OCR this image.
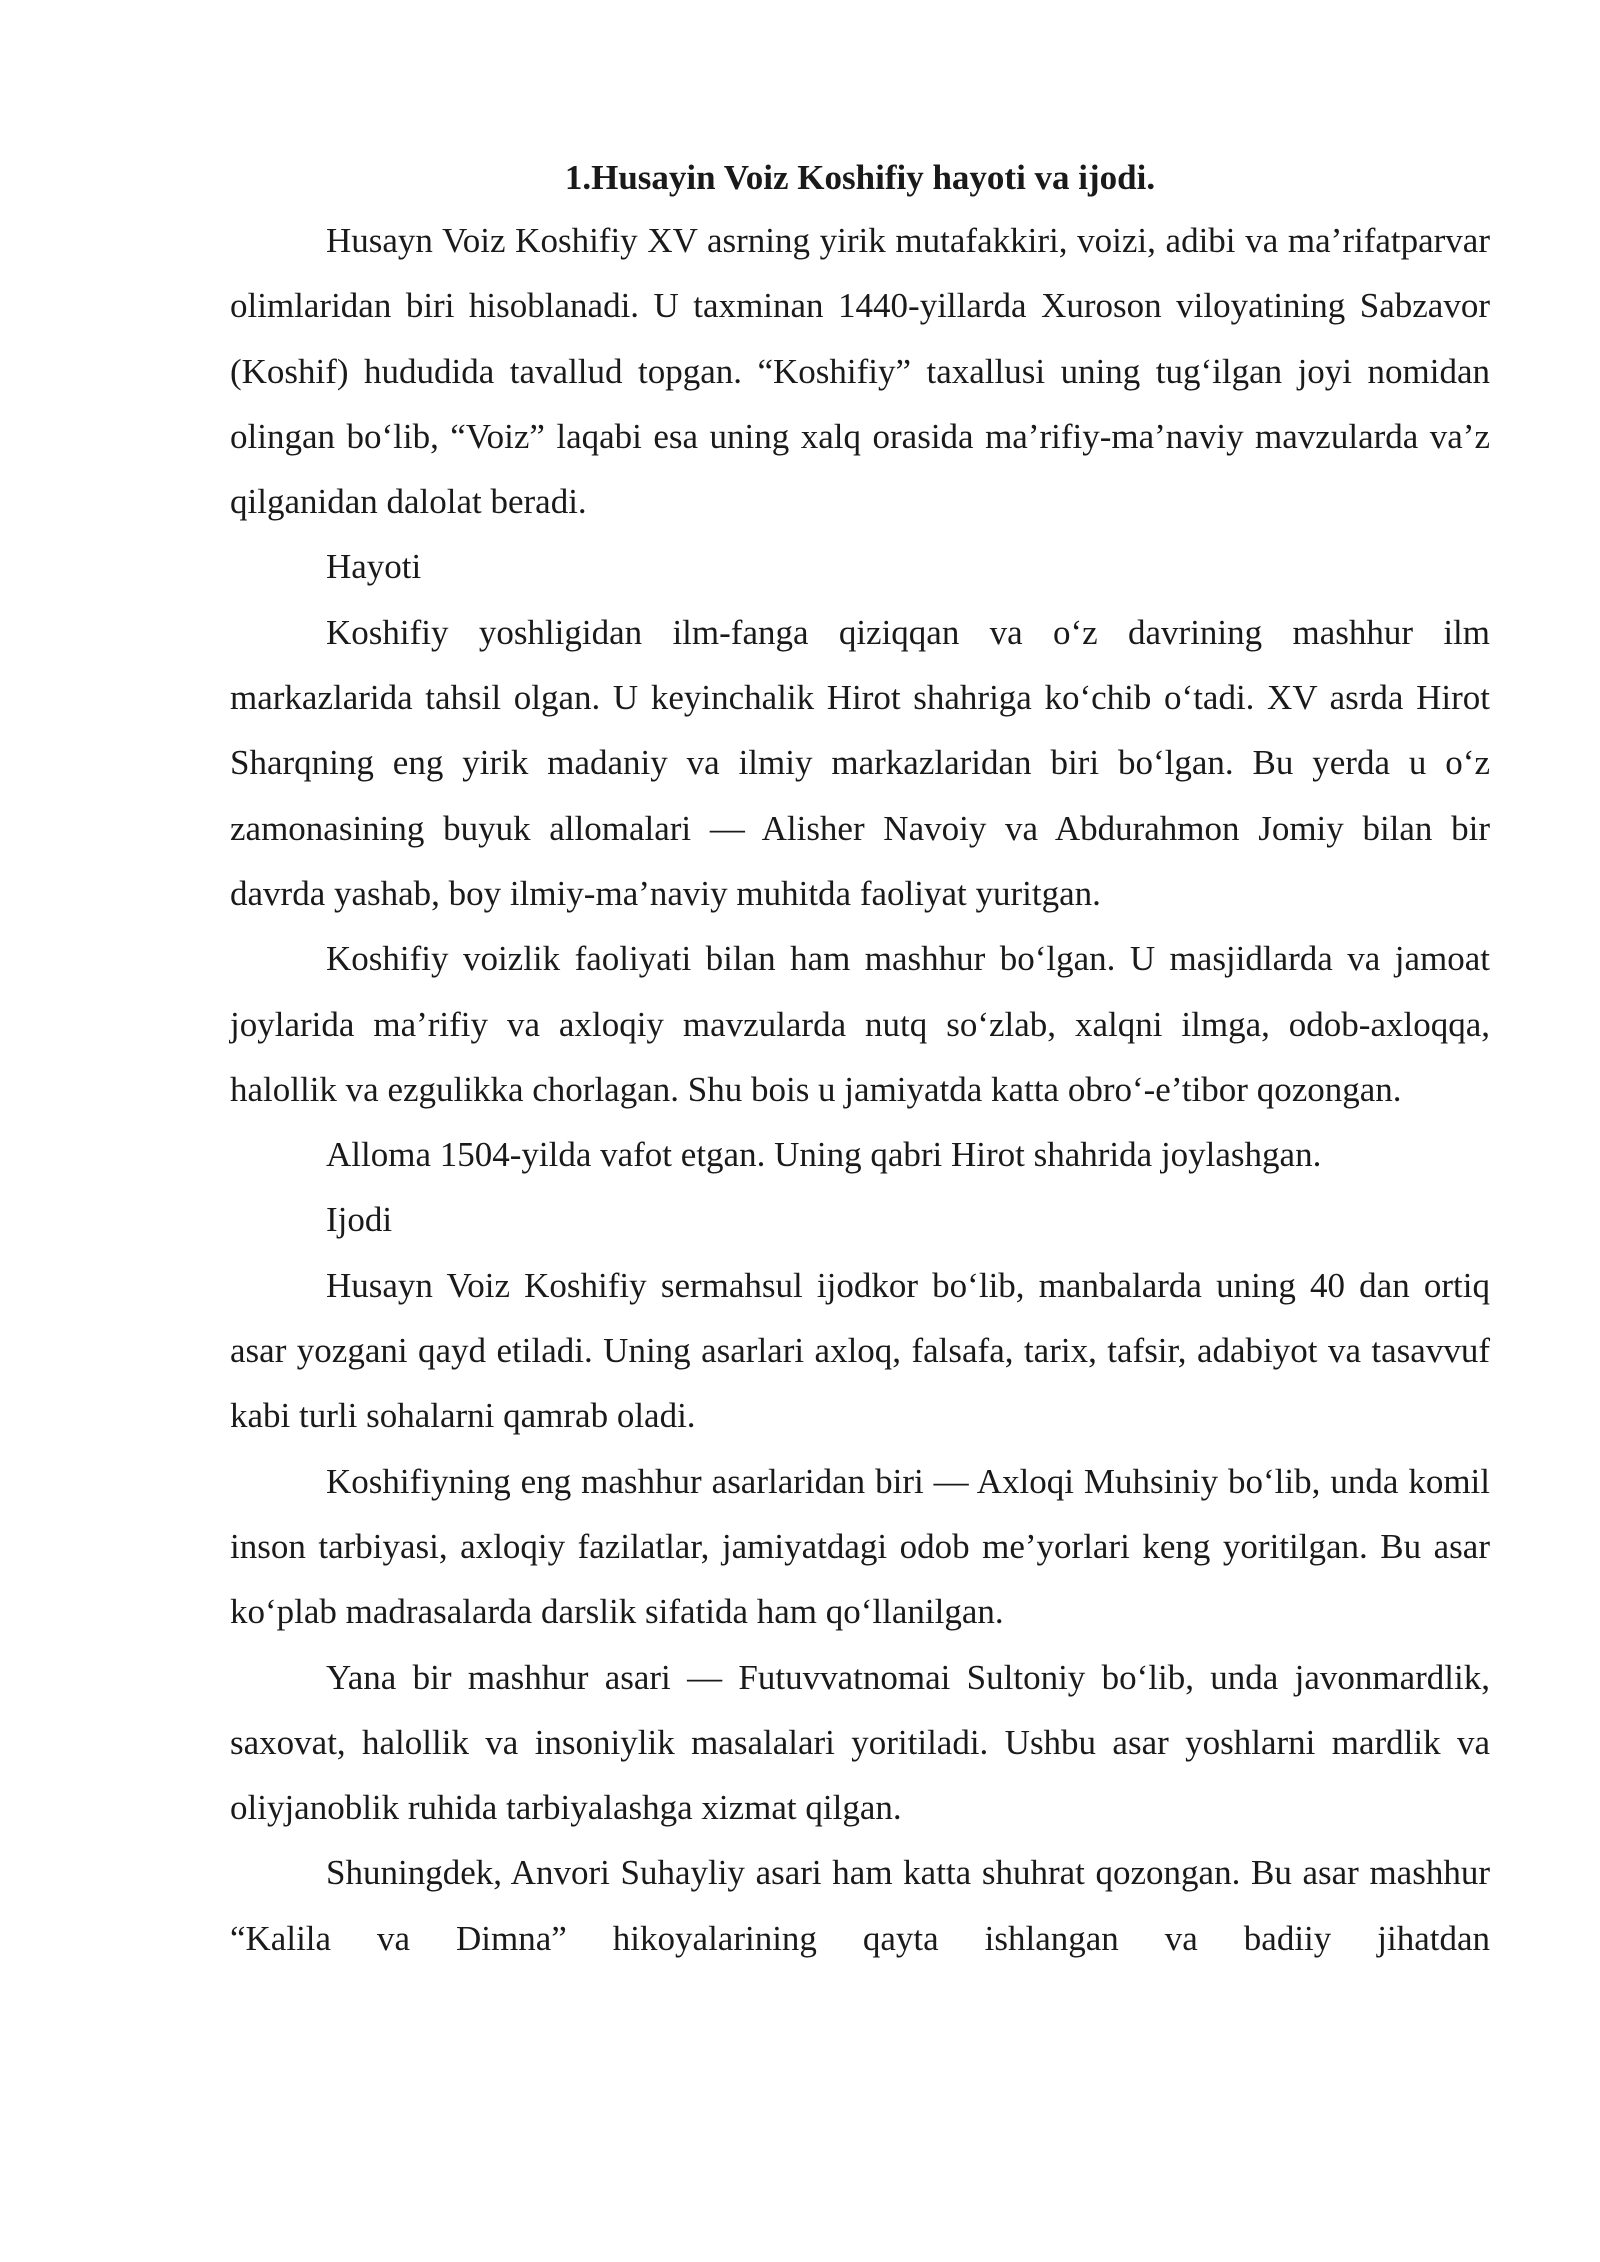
1.Husayin Voiz Koshifiy hayoti va ijodi.

Husayn Voiz Koshifiy XV asrning yirik mutafakkiri, voizi, adibi va ma’rifatparvar olimlaridan biri hisoblanadi. U taxminan 1440-yillarda Xuroson viloyatining Sabzavor (Koshif) hududida tavallud topgan. “Koshifiy” taxallusi uning tug‘ilgan joyi nomidan olingan bo‘lib, “Voiz” laqabi esa uning xalq orasida ma’rifiy-ma’naviy mavzularda va’z qilganidan dalolat beradi.

Hayoti

Koshifiy yoshligidan ilm-fanga qiziqqan va o‘z davrining mashhur ilm markazlarida tahsil olgan. U keyinchalik Hirot shahriga ko‘chib o‘tadi. XV asrda Hirot Sharqning eng yirik madaniy va ilmiy markazlaridan biri bo‘lgan. Bu yerda u o‘z zamonasining buyuk allomalari — Alisher Navoiy va Abdurahmon Jomiy bilan bir davrda yashab, boy ilmiy-ma’naviy muhitda faoliyat yuritgan.

Koshifiy voizlik faoliyati bilan ham mashhur bo‘lgan. U masjidlarda va jamoat joylarida ma’rifiy va axloqiy mavzularda nutq so‘zlab, xalqni ilmga, odob-axloqqa, halollik va ezgulikka chorlagan. Shu bois u jamiyatda katta obro‘-e’tibor qozongan.

Alloma 1504-yilda vafot etgan. Uning qabri Hirot shahrida joylashgan.

Ijodi

Husayn Voiz Koshifiy sermahsul ijodkor bo‘lib, manbalarda uning 40 dan ortiq asar yozgani qayd etiladi. Uning asarlari axloq, falsafa, tarix, tafsir, adabiyot va tasavvuf kabi turli sohalarni qamrab oladi.

Koshifiyning eng mashhur asarlaridan biri — Axloqi Muhsiniy bo‘lib, unda komil inson tarbiyasi, axloqiy fazilatlar, jamiyatdagi odob me’yorlari keng yoritilgan. Bu asar ko‘plab madrasalarda darslik sifatida ham qo‘llanilgan.

Yana bir mashhur asari — Futuvvatnomai Sultoniy bo‘lib, unda javonmardlik, saxovat, halollik va insoniylik masalalari yoritiladi. Ushbu asar yoshlarni mardlik va oliyjanoblik ruhida tarbiyalashga xizmat qilgan.

Shuningdek, Anvori Suhayliy asari ham katta shuhrat qozongan. Bu asar mashhur “Kalila va Dimna” hikoyalarining qayta ishlangan va badiiy jihatdan
